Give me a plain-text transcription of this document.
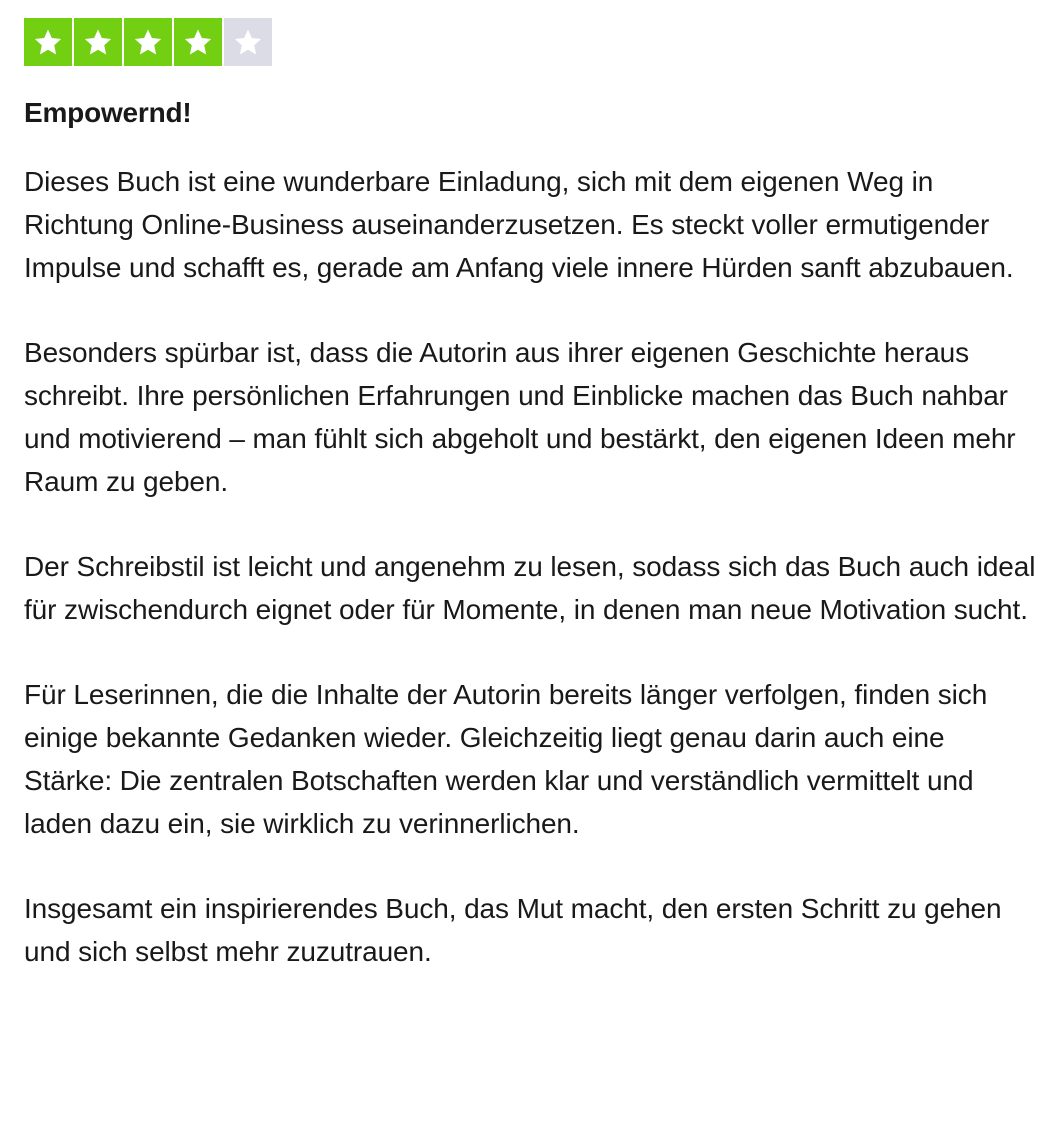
Empowernd!

Dieses Buch ist eine wunderbare Einladung, sich mit dem eigenen Weg in Richtung Online-Business auseinanderzusetzen. Es steckt voller ermutigender Impulse und schafft es, gerade am Anfang viele innere Hürden sanft abzubauen.

Besonders spürbar ist, dass die Autorin aus ihrer eigenen Geschichte heraus schreibt. Ihre persönlichen Erfahrungen und Einblicke machen das Buch nahbar und motivierend – man fühlt sich abgeholt und bestärkt, den eigenen Ideen mehr Raum zu geben.

Der Schreibstil ist leicht und angenehm zu lesen, sodass sich das Buch auch ideal für zwischendurch eignet oder für Momente, in denen man neue Motivation sucht.

Für Leserinnen, die die Inhalte der Autorin bereits länger verfolgen, finden sich einige bekannte Gedanken wieder. Gleichzeitig liegt genau darin auch eine Stärke: Die zentralen Botschaften werden klar und verständlich vermittelt und laden dazu ein, sie wirklich zu verinnerlichen.

Insgesamt ein inspirierendes Buch, das Mut macht, den ersten Schritt zu gehen und sich selbst mehr zuzutrauen.
